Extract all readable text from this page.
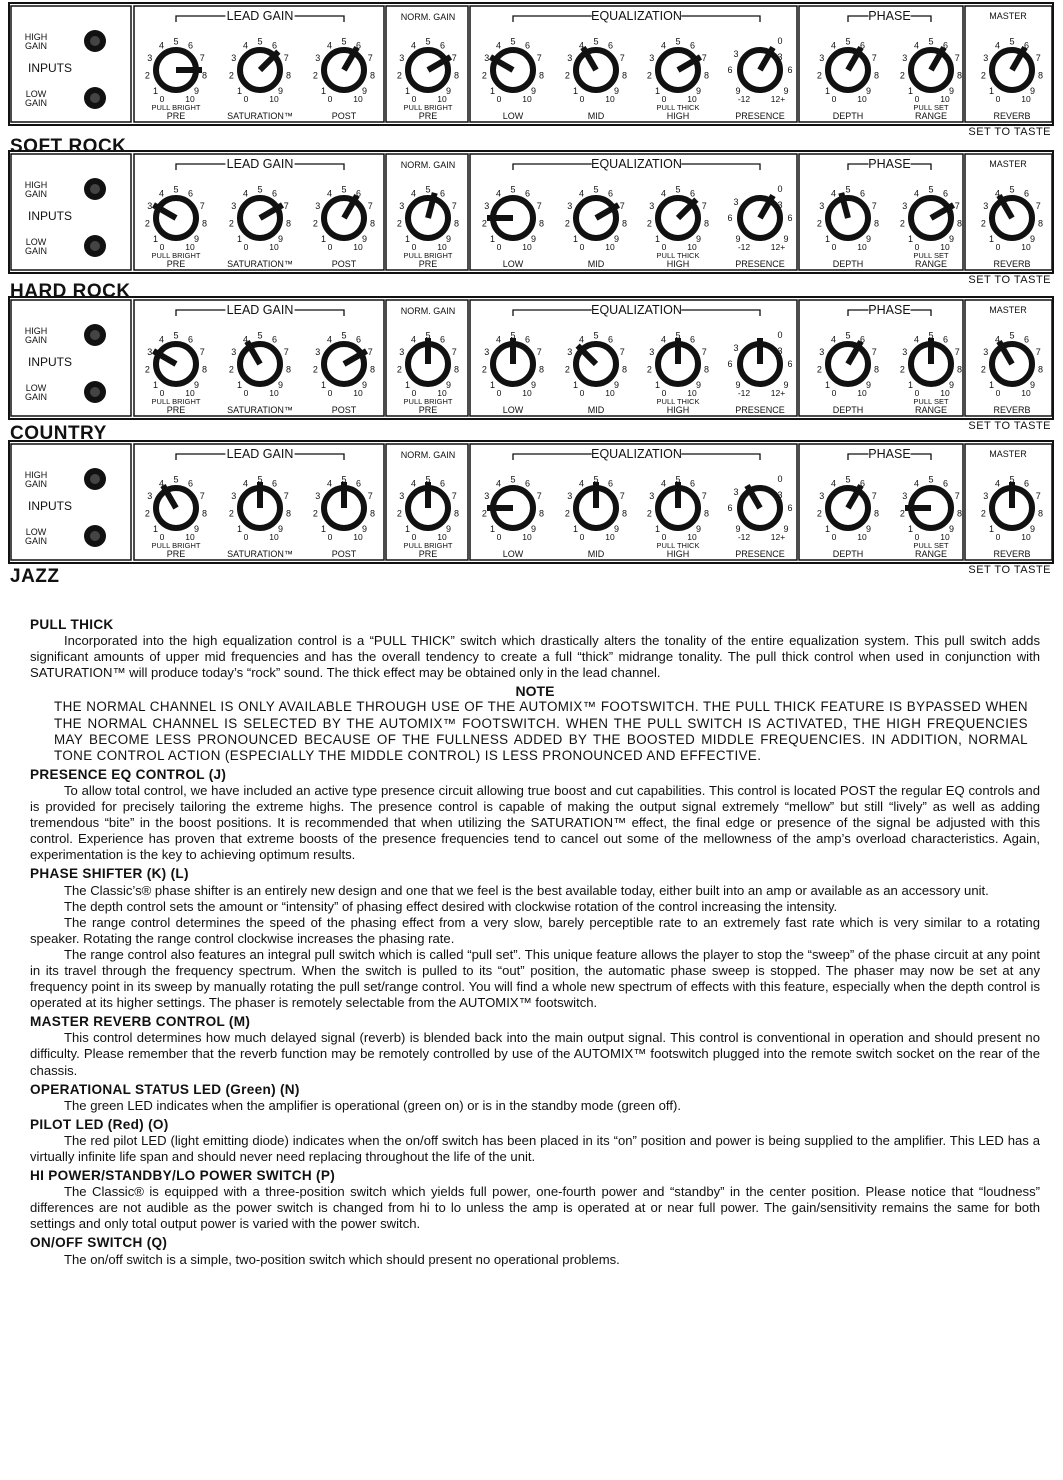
HIGH
GAIN
INPUTS
LOW
GAIN
LEAD GAIN	NORM. GAIN	EQUALIZATION	PHASE	MASTER
1
2
3
4 5 6
7
8
9
0 10
PULL BRIGHT
PRE
1
2
3
4 5 6
7
8
9
0 10
SATURATION™
1
2
3
4 5 6
7
8
9
0 10
POST
1
2
3
4 5 6
7
8
9
0 10
PULL BRIGHT
PRE
1
2
3
4 5 6
7
8
9
0 10
LOW
1
2
3
4 5 6
7
8
9
0 10
MID
1
2
3
4 5 6
7
8
9
0 10
PULL THICK
HIGH
3
0
6	6
9	9
3
-12 12+
PRESENCE
1
2
3
4 5 6
7
8
9
0 10
DEPTH
1
2
3
4 5 6
7
8
9
0 10
PULL SET
RANGE
1
2
3
4 5 6
7
8
9
0 10
REVERB
HIGH
GAIN
INPUTS
LOW
GAIN
LEAD GAIN	NORM. GAIN	EQUALIZATION	PHASE	MASTER
1
2
3
4 5 6
7
8
9
0 10
PULL BRIGHT
PRE
1
2
3
4 5 6
7
8
9
0 10
SATURATION™
1
2
3
4 5 6
7
8
9
0 10
POST
1
2
3
4 5 6
7
8
9
0 10
PULL BRIGHT
PRE
1
2
3
4 5 6
7
8
9
0 10
LOW
1
2
3
4 5 6
7
8
9
0 10
MID
1
2
3
4 5 6
7
8
9
0 10
PULL THICK
HIGH
3
0
6	6
9	9
3
-12 12+
PRESENCE
1
2
3
4 5 6
7
8
9
0 10
DEPTH
1
2
3
4 5 6
7
8
9
0 10
PULL SET
RANGE
1
2
3
4 5 6
7
8
9
0 10
REVERB
HIGH
GAIN
INPUTS
LOW
GAIN
LEAD GAIN	NORM. GAIN	EQUALIZATION	PHASE	MASTER
1
2
3
4 5 6
7
8
9
0 10
PULL BRIGHT
PRE
1
2
3
4 5 6
7
8
9
0 10
SATURATION™
1
2
3
4 5 6
7
8
9
0 10
POST
1
2
3
4 5 6
7
8
9
0 10
PULL BRIGHT
PRE
1
2
3
4 5 6
7
8
9
0 10
LOW
1
2
3
4 5 6
7
8
9
0 10
MID
1
2
3
4 5 6
7
8
9
0 10
PULL THICK
HIGH
3
0
6	6
9	9
3
-12 12+
PRESENCE
1
2
3
4 5 6
7
8
9
0 10
DEPTH
1
2
3
4 5 6
7
8
9
0 10
PULL SET
RANGE
1
2
3
4 5 6
7
8
9
0 10
REVERB
HIGH
GAIN
INPUTS
LOW
GAIN
LEAD GAIN	NORM. GAIN	EQUALIZATION	PHASE	MASTER
1
2
3
4 5 6
7
8
9
0 10
PULL BRIGHT
PRE
1
2
3
4 5 6
7
8
9
0 10
SATURATION™
1
2
3
4 5 6
7
8
9
0 10
POST
1
2
3
4 5 6
7
8
9
0 10
PULL BRIGHT
PRE
1
2
3
4 5 6
7
8
9
0 10
LOW
1
2
3
4 5 6
7
8
9
0 10
MID
1
2
3
4 5 6
7
8
9
0 10
PULL THICK
HIGH
3
0
6	6
9	9
3
-12 12+
PRESENCE
1
2
3
4 5 6
7
8
9
0 10
DEPTH
1
2
3
4 5 6
7
8
9
0 10
PULL SET
RANGE
1
2
3
4 5 6
7
8
9
0 10
REVERB
PULL THICK

Incorporated into the high equalization control is a “PULL THICK” switch which drastically alters the tonality of the entire equalization system. This pull switch adds significant amounts of upper mid frequencies and has the overall tendency to create a full “thick” midrange tonality. The pull thick control when used in conjunction with SATURATION™ will produce today’s “rock” sound. The thick effect may be obtained only in the lead channel.

NOTE

THE NORMAL CHANNEL IS ONLY AVAILABLE THROUGH USE OF THE AUTOMIX™ FOOTSWITCH. THE PULL THICK FEATURE IS BYPASSED WHEN THE NORMAL CHANNEL IS SELECTED BY THE AUTOMIX™ FOOTSWITCH. WHEN THE PULL SWITCH IS ACTIVATED, THE HIGH FREQUENCIES MAY BECOME LESS PRONOUNCED BECAUSE OF THE FULLNESS ADDED BY THE BOOSTED MIDDLE FREQUENCIES. IN ADDITION, NORMAL TONE CONTROL ACTION (ESPECIALLY THE MIDDLE CONTROL) IS LESS PRONOUNCED AND EFFECTIVE.

PRESENCE EQ CONTROL (J)

To allow total control, we have included an active type presence circuit allowing true boost and cut capabilities. This control is located POST the regular EQ controls and is provided for precisely tailoring the extreme highs. The presence control is capable of making the output signal extremely “mellow” but still “lively” as well as adding tremendous “bite” in the boost positions. It is recommended that when utilizing the SATURATION™ effect, the final edge or presence of the signal be adjusted with this control. Experience has proven that extreme boosts of the presence frequencies tend to cancel out some of the mellowness of the amp’s overload characteristics. Again, experimentation is the key to achieving optimum results.

PHASE SHIFTER (K) (L)

The Classic’s® phase shifter is an entirely new design and one that we feel is the best available today, either built into an amp or available as an accessory unit.

The depth control sets the amount or “intensity” of phasing effect desired with clockwise rotation of the control increasing the intensity.

The range control determines the speed of the phasing effect from a very slow, barely perceptible rate to an extremely fast rate which is very similar to a rotating speaker. Rotating the range control clockwise increases the phasing rate.

The range control also features an integral pull switch which is called “pull set”. This unique feature allows the player to stop the “sweep” of the phase circuit at any point in its travel through the frequency spectrum. When the switch is pulled to its “out” position, the automatic phase sweep is stopped. The phaser may now be set at any frequency point in its sweep by manually rotating the pull set/range control. You will find a whole new spectrum of effects with this feature, especially when the depth control is operated at its higher settings. The phaser is remotely selectable from the AUTOMIX™ footswitch.

MASTER REVERB CONTROL (M)

This control determines how much delayed signal (reverb) is blended back into the main output signal. This control is conventional in operation and should present no difficulty. Please remember that the reverb function may be remotely controlled by use of the AUTOMIX™ footswitch plugged into the remote switch socket on the rear of the chassis.

OPERATIONAL STATUS LED (Green) (N)

The green LED indicates when the amplifier is operational (green on) or is in the standby mode (green off).

PILOT LED (Red) (O)

The red pilot LED (light emitting diode) indicates when the on/off switch has been placed in its “on” position and power is being supplied to the amplifier. This LED has a virtually infinite life span and should never need replacing throughout the life of the unit.

HI POWER/STANDBY/LO POWER SWITCH (P)

The Classic® is equipped with a three-position switch which yields full power, one-fourth power and “standby” in the center position. Please notice that “loudness” differences are not audible as the power switch is changed from hi to lo unless the amp is operated at or near full power. The gain/sensitivity remains the same for both settings and only total output power is varied with the power switch.

ON/OFF SWITCH (Q)

The on/off switch is a simple, two-position switch which should present no operational problems.

SOFT ROCK
SET TO TASTE
HARD ROCK
SET TO TASTE
COUNTRY	SET TO TASTE
JAZZ	SET TO TASTE
